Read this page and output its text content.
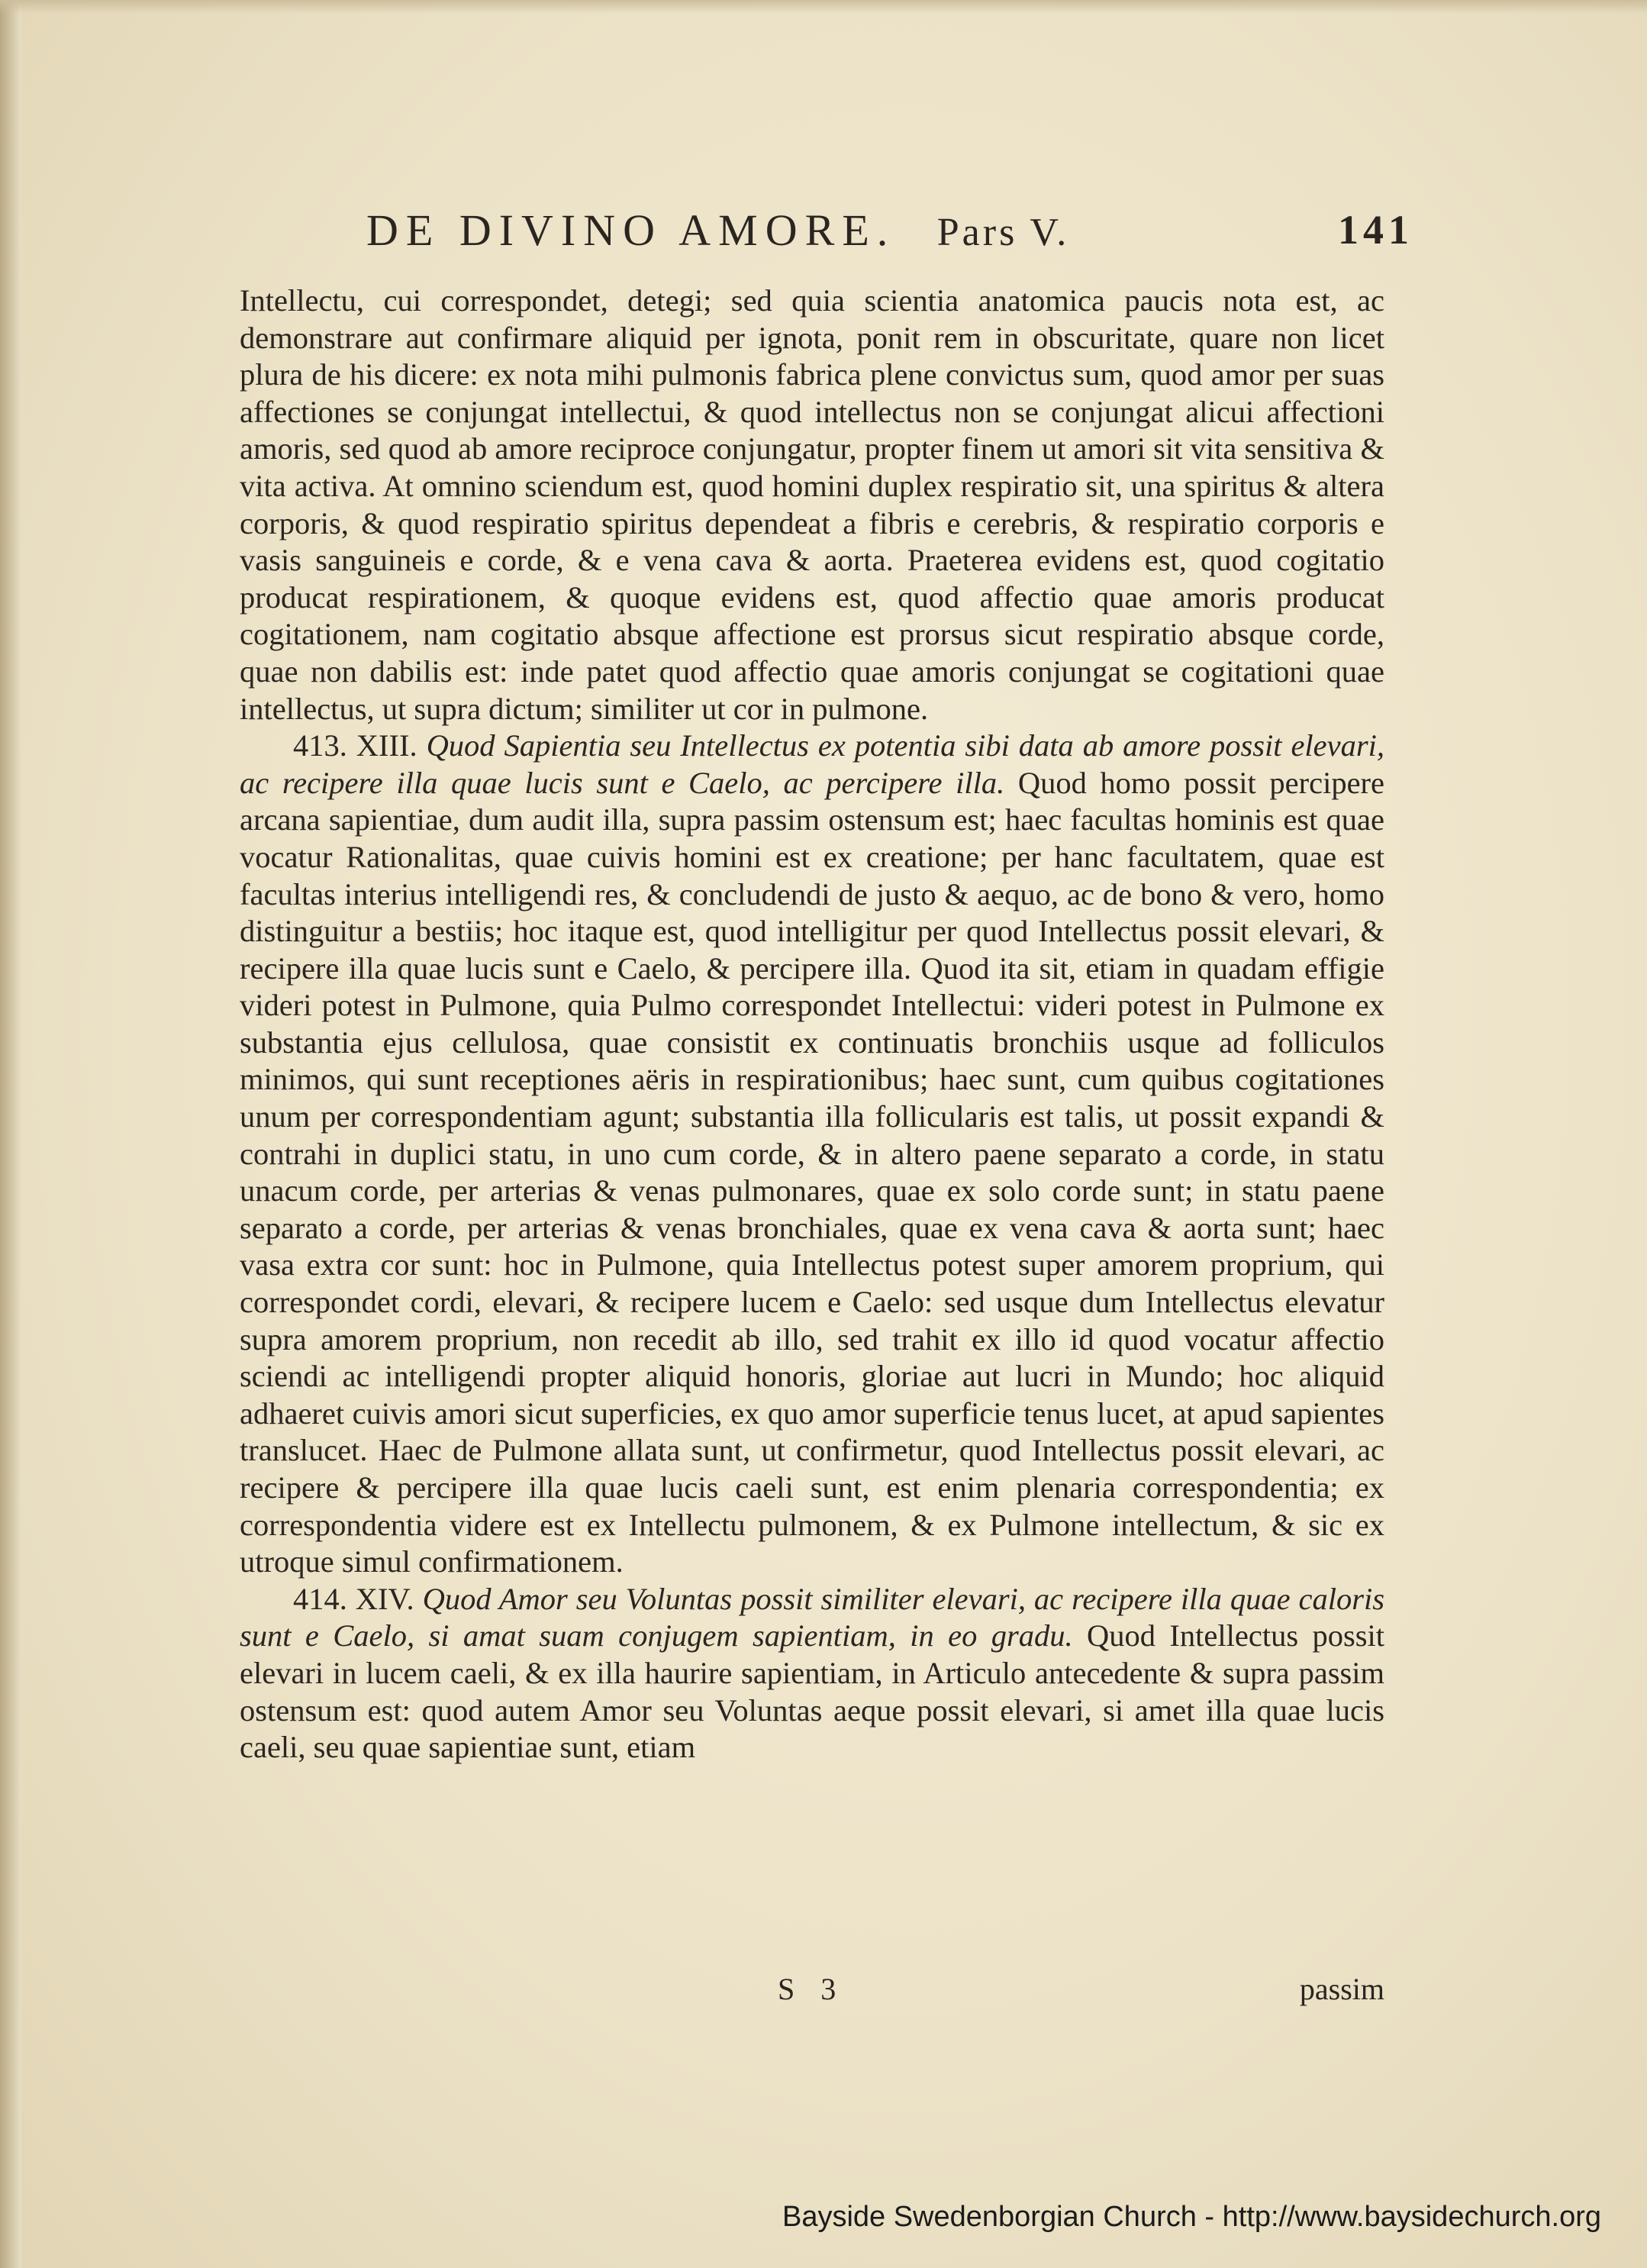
DE DIVINO AMORE. Pars V.	141

Intellectu, cui correspondet, detegi; sed quia scientia anatomica paucis nota est, ac demonstrare aut confirmare aliquid per ignota, ponit rem in obscuritate, quare non licet plura de his dicere: ex nota mihi pulmonis fabrica plene convictus sum, quod amor per suas affectiones se conjungat intellectui, & quod intellectus non se conjungat alicui affectioni amoris, sed quod ab amore reciproce conjungatur, propter finem ut amori sit vita sensitiva & vita activa. At omnino sciendum est, quod homini duplex respiratio sit, una spiritus & altera corporis, & quod respiratio spiritus dependeat a fibris e cerebris, & respiratio corporis e vasis sanguineis e corde, & e vena cava & aorta. Praeterea evidens est, quod cogitatio producat respirationem, & quoque evidens est, quod affectio quae amoris producat cogitationem, nam cogitatio absque affectione est prorsus sicut respiratio absque corde, quae non dabilis est: inde patet quod affectio quae amoris conjungat se cogitationi quae intellectus, ut supra dictum; similiter ut cor in pulmone.

413. XIII. Quod Sapientia seu Intellectus ex potentia sibi data ab amore possit elevari, ac recipere illa quae lucis sunt e Caelo, ac percipere illa. Quod homo possit percipere arcana sapientiae, dum audit illa, supra passim ostensum est; haec facultas hominis est quae vocatur Rationalitas, quae cuivis homini est ex creatione; per hanc facultatem, quae est facultas interius intelligendi res, & concludendi de justo & aequo, ac de bono & vero, homo distinguitur a bestiis; hoc itaque est, quod intelligitur per quod Intellectus possit elevari, & recipere illa quae lucis sunt e Caelo, & percipere illa. Quod ita sit, etiam in quadam effigie videri potest in Pulmone, quia Pulmo correspondet Intellectui: videri potest in Pulmone ex substantia ejus cellulosa, quae consistit ex continuatis bronchiis usque ad folliculos minimos, qui sunt receptiones aëris in respirationibus; haec sunt, cum quibus cogitationes unum per correspondentiam agunt; substantia illa follicularis est talis, ut possit expandi & contrahi in duplici statu, in uno cum corde, & in altero paene separato a corde, in statu unacum corde, per arterias & venas pulmonares, quae ex solo corde sunt; in statu paene separato a corde, per arterias & venas bronchiales, quae ex vena cava & aorta sunt; haec vasa extra cor sunt: hoc in Pulmone, quia Intellectus potest super amorem proprium, qui correspondet cordi, elevari, & recipere lucem e Caelo: sed usque dum Intellectus elevatur supra amorem proprium, non recedit ab illo, sed trahit ex illo id quod vocatur affectio sciendi ac intelligendi propter aliquid honoris, gloriae aut lucri in Mundo; hoc aliquid adhaeret cuivis amori sicut superficies, ex quo amor superficie tenus lucet, at apud sapientes translucet. Haec de Pulmone allata sunt, ut confirmetur, quod Intellectus possit elevari, ac recipere & percipere illa quae lucis caeli sunt, est enim plenaria correspondentia; ex correspondentia videre est ex Intellectu pulmonem, & ex Pulmone intellectum, & sic ex utroque simul confirmationem.

414. XIV. Quod Amor seu Voluntas possit similiter elevari, ac recipere illa quae caloris sunt e Caelo, si amat suam conjugem sapientiam, in eo gradu. Quod Intellectus possit elevari in lucem caeli, & ex illa haurire sapientiam, in Articulo antecedente & supra passim ostensum est: quod autem Amor seu Voluntas aeque possit elevari, si amet illa quae lucis caeli, seu quae sapientiae sunt, etiam

S 3	passim
Bayside Swedenborgian Church - http://www.baysidechurch.org
